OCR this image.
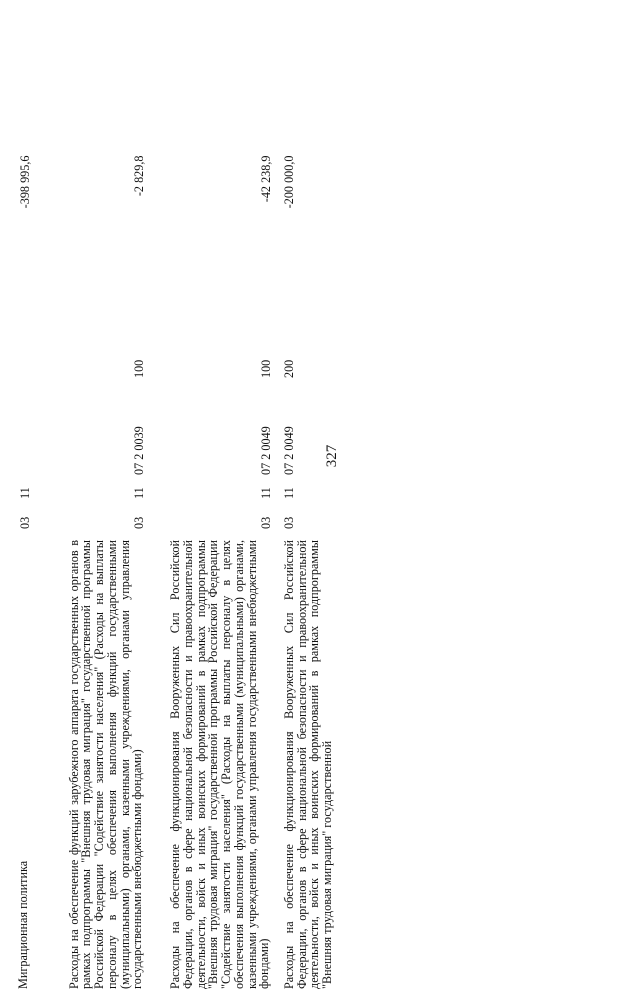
327

Миграционная политика	03	11			-398 995,6
Расходы на обеспечение функций зарубежного аппарата государственных органов в рамках подпрограммы "Внешняя трудовая миграция" государственной программы Российской Федерации "Содействие занятости населения" (Расходы на выплаты персоналу в целях обеспечения выполнения функций государственными (муниципальными) органами, казенными учреждениями, органами управления государственными внебюджетными фондами)	03	11	07 2 0039	100	-2 829,8
Расходы на обеспечение функционирования Вооруженных Сил Российской Федерации, органов в сфере национальной безопасности и правоохранительной деятельности, войск и иных воинских формирований в рамках подпрограммы "Внешняя трудовая миграция" государственной программы Российской Федерации "Содействие занятости населения" (Расходы на выплаты персоналу в целях обеспечения выполнения функций государственными (муниципальными) органами, казенными учреждениями, органами управления государственными внебюджетными фондами)	03	11	07 2 0049	100	-42 238,9
Расходы на обеспечение функционирования Вооруженных Сил Российской Федерации, органов в сфере национальной безопасности и правоохранительной деятельности, войск и иных воинских формирований в рамках подпрограммы "Внешняя трудовая миграция" государственной	03	11	07 2 0049	200	-200 000,0
